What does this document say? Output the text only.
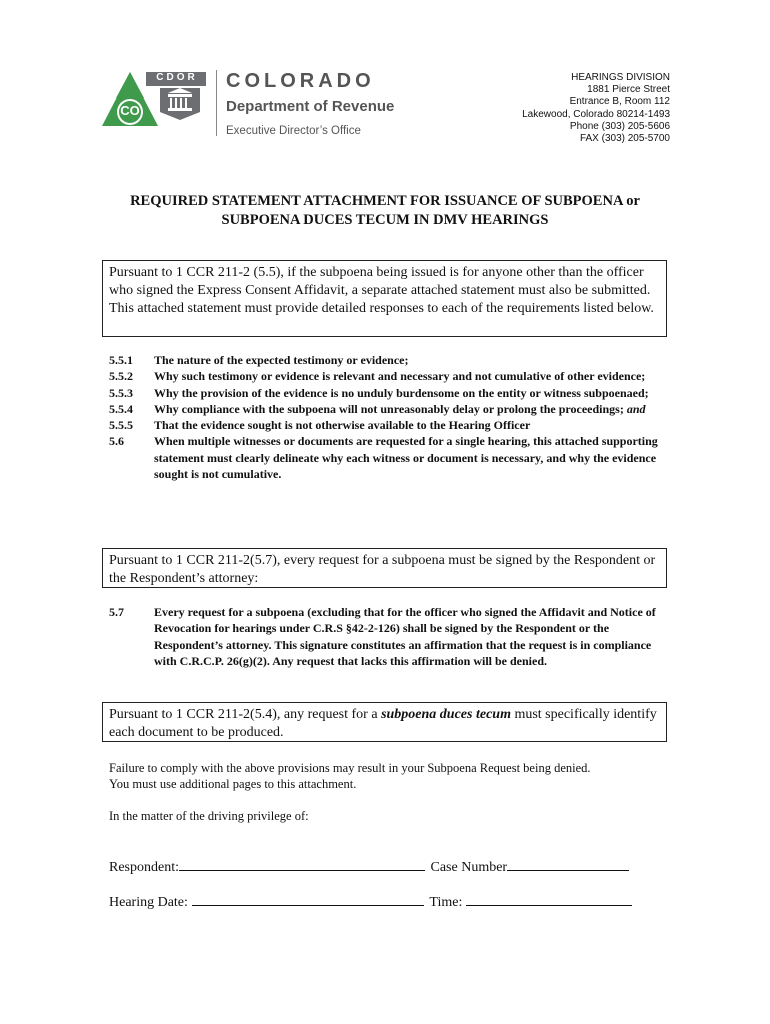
CDOR
CO
COLORADO
Department of Revenue
Executive Director’s Office
HEARINGS DIVISION
1881 Pierce Street
Entrance B, Room 112
Lakewood, Colorado 80214-1493
Phone (303) 205-5606
FAX (303) 205-5700
REQUIRED STATEMENT ATTACHMENT FOR ISSUANCE OF SUBPOENA or
SUBPOENA DUCES TECUM IN DMV HEARINGS
Pursuant to 1 CCR 211-2 (5.5), if the subpoena being issued is for anyone other than the officer who signed the Express Consent Affidavit, a separate attached statement must also be submitted. This attached statement must provide detailed responses to each of the requirements listed below.
5.5.1	The nature of the expected testimony or evidence;
5.5.2	Why such testimony or evidence is relevant and necessary and not cumulative of other evidence;
5.5.3	Why the provision of the evidence is no unduly burdensome on the entity or witness subpoenaed;
5.5.4	Why compliance with the subpoena will not unreasonably delay or prolong the proceedings; and
5.5.5	That the evidence sought is not otherwise available to the Hearing Officer
5.6	When multiple witnesses or documents are requested for a single hearing, this attached supporting statement must clearly delineate why each witness or document is necessary, and why the evidence sought is not cumulative.
Pursuant to 1 CCR 211-2(5.7), every request for a subpoena must be signed by the Respondent or the Respondent’s attorney:
5.7	Every request for a subpoena (excluding that for the officer who signed the Affidavit and Notice of Revocation for hearings under C.R.S §42-2-126) shall be signed by the Respondent or the Respondent’s attorney. This signature constitutes an affirmation that the request is in compliance with C.R.C.P. 26(g)(2). Any request that lacks this affirmation will be denied.
Pursuant to 1 CCR 211-2(5.4), any request for a subpoena duces tecum must specifically identify each document to be produced.
Failure to comply with the above provisions may result in your Subpoena Request being denied.
You must use additional pages to this attachment.
In the matter of the driving privilege of:
Respondent:	Case Number
Hearing Date:	Time:
